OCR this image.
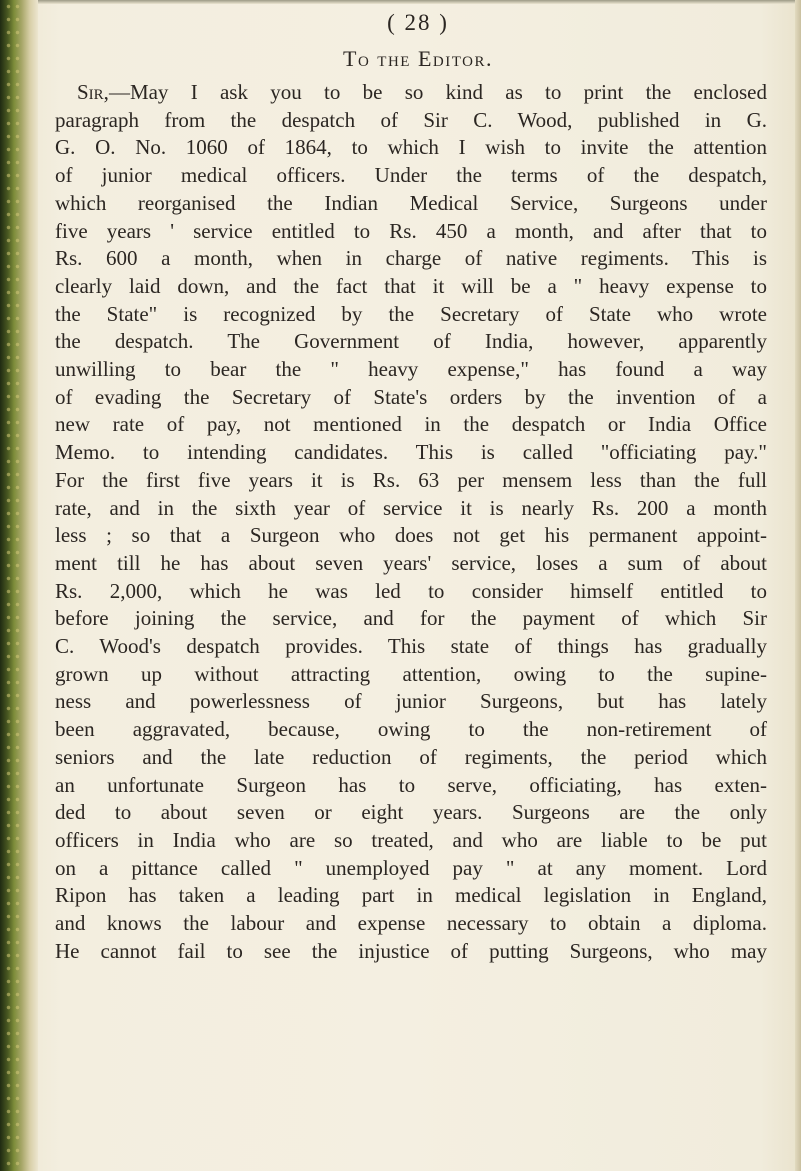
( 28 )
To the Editor.

Sir,—May I ask you to be so kind as to print the enclosed

paragraph from the despatch of Sir C. Wood, published in G.

G. O. No. 1060 of 1864, to which I wish to invite the attention

of junior medical officers. Under the terms of the despatch,

which reorganised the Indian Medical Service, Surgeons under

five years ' service entitled to Rs. 450 a month, and after that to

Rs. 600 a month, when in charge of native regiments. This is

clearly laid down, and the fact that it will be a " heavy expense to

the State" is recognized by the Secretary of State who wrote

the despatch. The Government of India, however, apparently

unwilling to bear the " heavy expense," has found a way

of evading the Secretary of State's orders by the invention of a

new rate of pay, not mentioned in the despatch or India Office

Memo. to intending candidates. This is called "officiating pay."

For the first five years it is Rs. 63 per mensem less than the full

rate, and in the sixth year of service it is nearly Rs. 200 a month

less ; so that a Surgeon who does not get his permanent appoint-

ment till he has about seven years' service, loses a sum of about

Rs. 2,000, which he was led to consider himself entitled to

before joining the service, and for the payment of which Sir

C. Wood's despatch provides. This state of things has gradually

grown up without attracting attention, owing to the supine-

ness and powerlessness of junior Surgeons, but has lately

been aggravated, because, owing to the non-retirement of

seniors and the late reduction of regiments, the period which

an unfortunate Surgeon has to serve, officiating, has exten-

ded to about seven or eight years. Surgeons are the only

officers in India who are so treated, and who are liable to be put

on a pittance called " unemployed pay " at any moment. Lord

Ripon has taken a leading part in medical legislation in England,

and knows the labour and expense necessary to obtain a diploma.

He cannot fail to see the injustice of putting Surgeons, who may
